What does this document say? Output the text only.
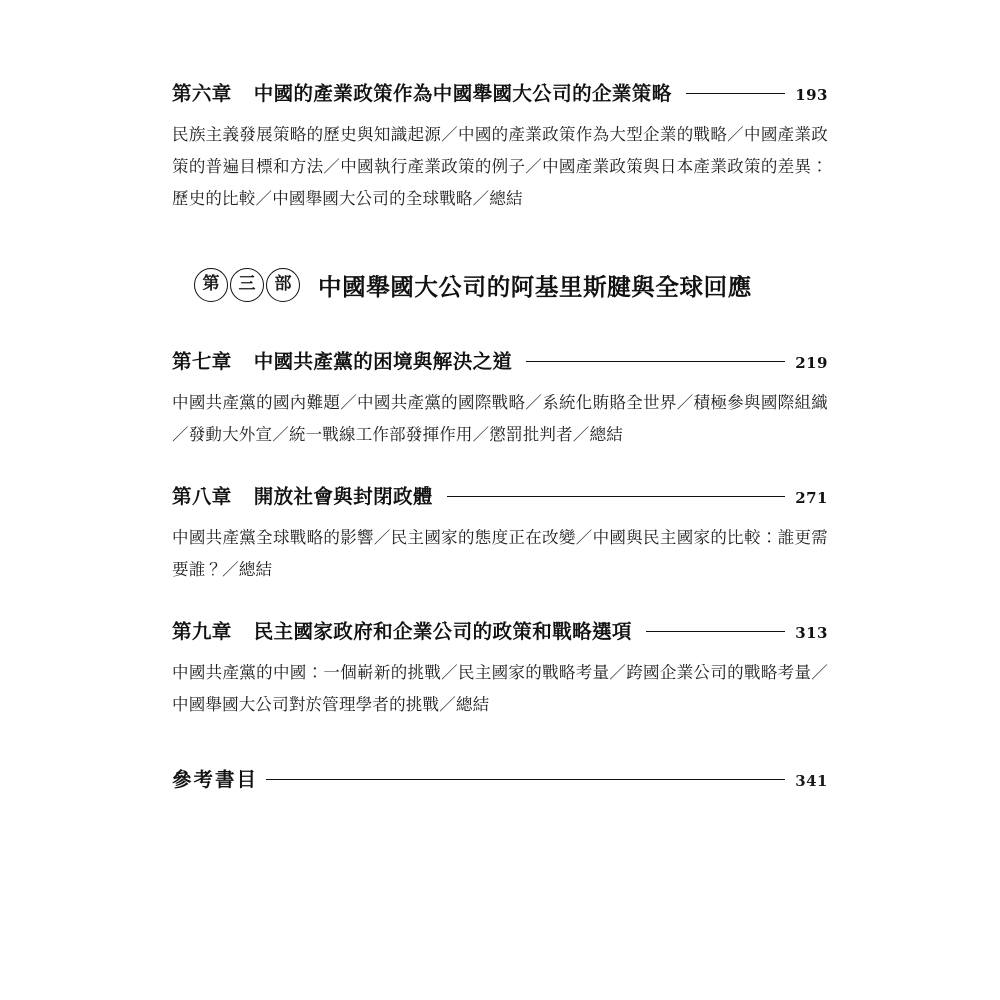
第六章 中國的產業政策作為中國舉國大公司的企業策略	193
民族主義發展策略的歷史與知識起源／中國的產業政策作為大型企業的戰略／中國產業政策的普遍目標和方法／中國執行產業政策的例子／中國產業政策與日本產業政策的差異：歷史的比較／中國舉國大公司的全球戰略／總結
第	三	部	中國舉國大公司的阿基里斯腱與全球回應
第七章 中國共產黨的困境與解決之道	219
中國共產黨的國內難題／中國共產黨的國際戰略／系統化賄賂全世界／積極參與國際組織／發動大外宣／統一戰線工作部發揮作用／懲罰批判者／總結
第八章 開放社會與封閉政體	271
中國共產黨全球戰略的影響／民主國家的態度正在改變／中國與民主國家的比較：誰更需要誰？／總結
第九章 民主國家政府和企業公司的政策和戰略選項	313
中國共產黨的中國：一個嶄新的挑戰／民主國家的戰略考量／跨國企業公司的戰略考量／中國舉國大公司對於管理學者的挑戰／總結
參考書目	341
